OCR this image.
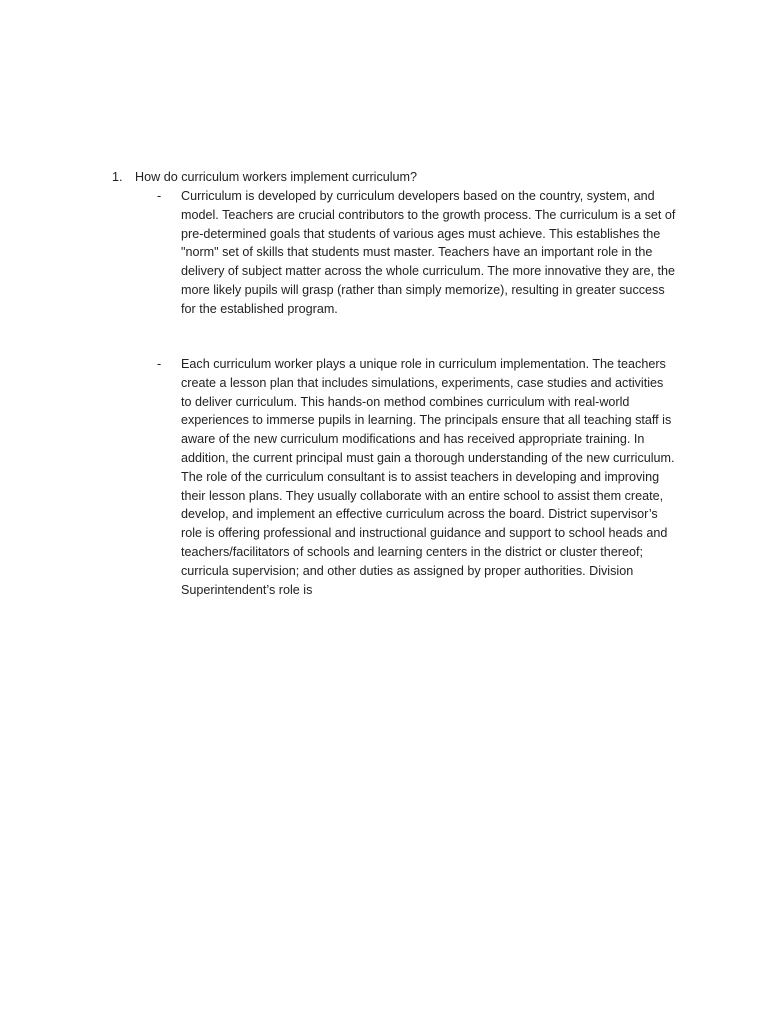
1. How do curriculum workers implement curriculum?
- Curriculum is developed by curriculum developers based on the country, system, and model. Teachers are crucial contributors to the growth process. The curriculum is a set of pre-determined goals that students of various ages must achieve. This establishes the "norm" set of skills that students must master. Teachers have an important role in the delivery of subject matter across the whole curriculum. The more innovative they are, the more likely pupils will grasp (rather than simply memorize), resulting in greater success for the established program.
- Each curriculum worker plays a unique role in curriculum implementation. The teachers create a lesson plan that includes simulations, experiments, case studies and activities to deliver curriculum. This hands-on method combines curriculum with real-world experiences to immerse pupils in learning. The principals ensure that all teaching staff is aware of the new curriculum modifications and has received appropriate training. In addition, the current principal must gain a thorough understanding of the new curriculum. The role of the curriculum consultant is to assist teachers in developing and improving their lesson plans. They usually collaborate with an entire school to assist them create, develop, and implement an effective curriculum across the board. District supervisor’s role is offering professional and instructional guidance and support to school heads and teachers/facilitators of schools and learning centers in the district or cluster thereof; curricula supervision; and other duties as assigned by proper authorities. Division Superintendent’s role is
